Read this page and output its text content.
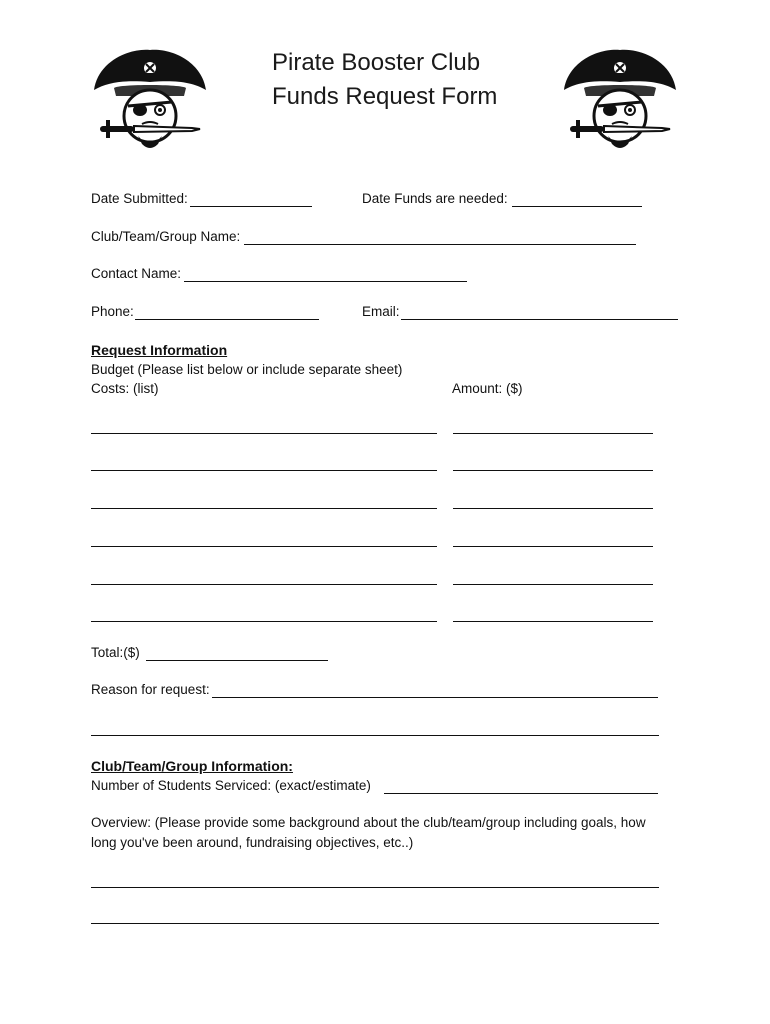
Pirate Booster Club
Funds Request Form
Date Submitted:	Date Funds are needed:
Club/Team/Group Name:
Contact Name:
Phone:	Email:
Request Information
Budget (Please list below or include separate sheet)
Costs: (list)	Amount: ($)
Total:($)
Reason for request:
Club/Team/Group Information:
Number of Students Serviced: (exact/estimate)
Overview: (Please provide some background about the club/team/group including goals, how
long you've been around, fundraising objectives, etc..)
